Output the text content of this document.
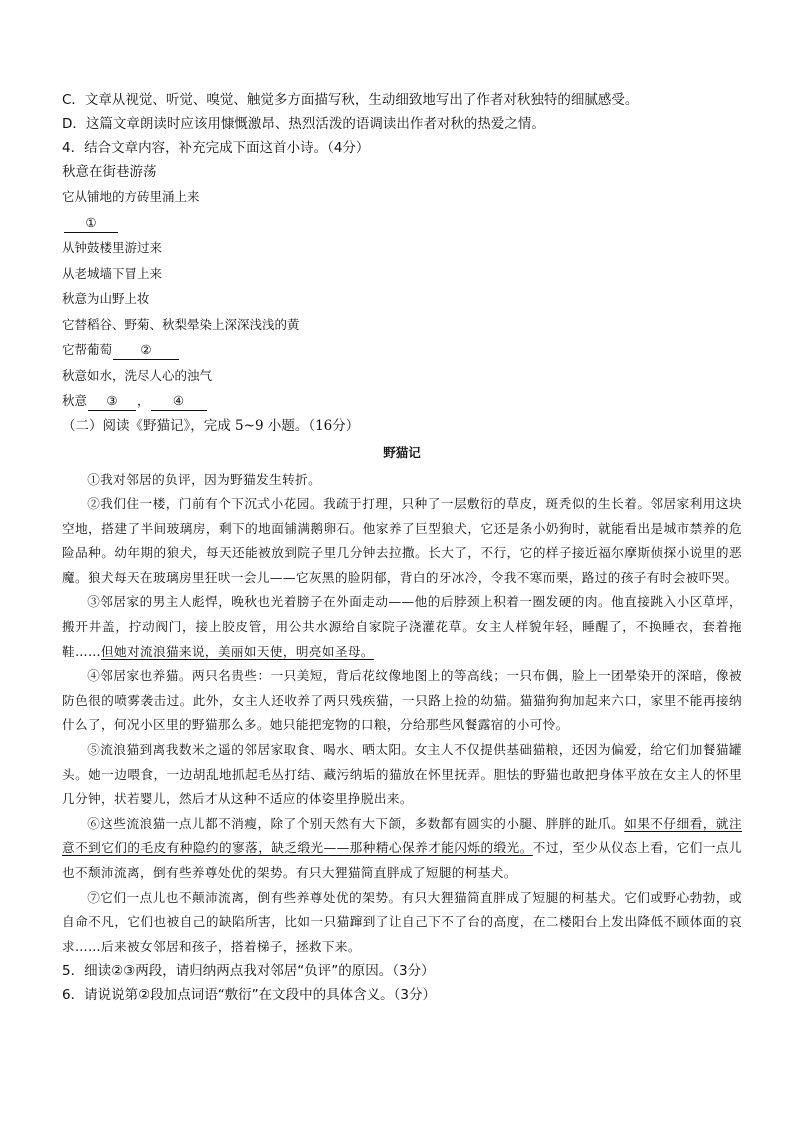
C．文章从视觉、听觉、嗅觉、触觉多方面描写秋，生动细致地写出了作者对秋独特的细腻感受。
D．这篇文章朗读时应该用慷慨激昂、热烈活泼的语调读出作者对秋的热爱之情。
4．结合文章内容，补充完成下面这首小诗。（4分）
秋意在街巷游荡
它从铺地的方砖里涌上来
①
从钟鼓楼里游过来
从老城墙下冒上来
秋意为山野上妆
它替稻谷、野菊、秋梨晕染上深深浅浅的黄
它帮葡萄 ②
秋意如水，洗尽人心的浊气
秋意 ③ ， ④
（二）阅读《野猫记》，完成 5~9 小题。（16分）
野猫记

①我对邻居的负评，因为野猫发生转折。

②我们住一楼，门前有个下沉式小花园。我疏于打理，只种了一层敷衍的草皮，斑秃似的生长着。邻居家利用这块空地，搭建了半间玻璃房，剩下的地面铺满鹅卵石。他家养了巨型狼犬，它还是条小奶狗时，就能看出是城市禁养的危险品种。幼年期的狼犬，每天还能被放到院子里几分钟去拉撒。长大了，不行，它的样子接近福尔摩斯侦探小说里的恶魔。狼犬每天在玻璃房里狂吠一会儿——它灰黑的脸阴郁，背白的牙冰冷，令我不寒而栗，路过的孩子有时会被吓哭。

③邻居家的男主人彪悍，晚秋也光着膀子在外面走动——他的后脖颈上积着一圈发硬的肉。他直接跳入小区草坪，搬开井盖，拧动阀门，接上胶皮管，用公共水源给自家院子浇灌花草。女主人样貌年轻，睡醒了，不换睡衣，套着拖鞋……但她对流浪猫来说，美丽如天使，明亮如圣母。

④邻居家也养猫。两只名贵些：一只美短，背后花纹像地图上的等高线；一只布偶，脸上一团晕染开的深暗，像被防色很的喷雾袭击过。此外，女主人还收养了两只残疾猫，一只路上捡的幼猫。猫猫狗狗加起来六口，家里不能再接纳什么了，何况小区里的野猫那么多。她只能把宠物的口粮，分给那些风餐露宿的小可怜。

⑤流浪猫到离我数米之遥的邻居家取食、喝水、晒太阳。女主人不仅提供基础猫粮，还因为偏爱，给它们加餐猫罐头。她一边喂食，一边胡乱地抓起毛丛打结、藏污纳垢的猫放在怀里抚弄。胆怯的野猫也敢把身体平放在女主人的怀里几分钟，状若婴儿，然后才从这种不适应的体姿里挣脱出来。

⑥这些流浪猫一点儿都不消瘦，除了个别天然有大下颌，多数都有圆实的小腿、胖胖的趾爪。如果不仔细看，就注意不到它们的毛皮有种隐约的寥落，缺乏缎光——那种精心保养才能闪烁的缎光。不过，至少从仪态上看，它们一点儿也不颓沛流离，倒有些养尊处优的架势。有只大狸猫简直胖成了短腿的柯基犬。

⑦它们一点儿也不颠沛流离，倒有些养尊处优的架势。有只大狸猫简直胖成了短腿的柯基犬。它们或野心勃勃，或自命不凡，它们也被自己的缺陷所害，比如一只猫蹿到了让自己下不了台的高度，在二楼阳台上发出降低不顾体面的哀求……后来被女邻居和孩子，搭着梯子，拯救下来。

5．细读②③两段，请归纳两点我对邻居“负评”的原因。（3分）
6．请说说第②段加点词语“敷衍”在文段中的具体含义。（3分）
